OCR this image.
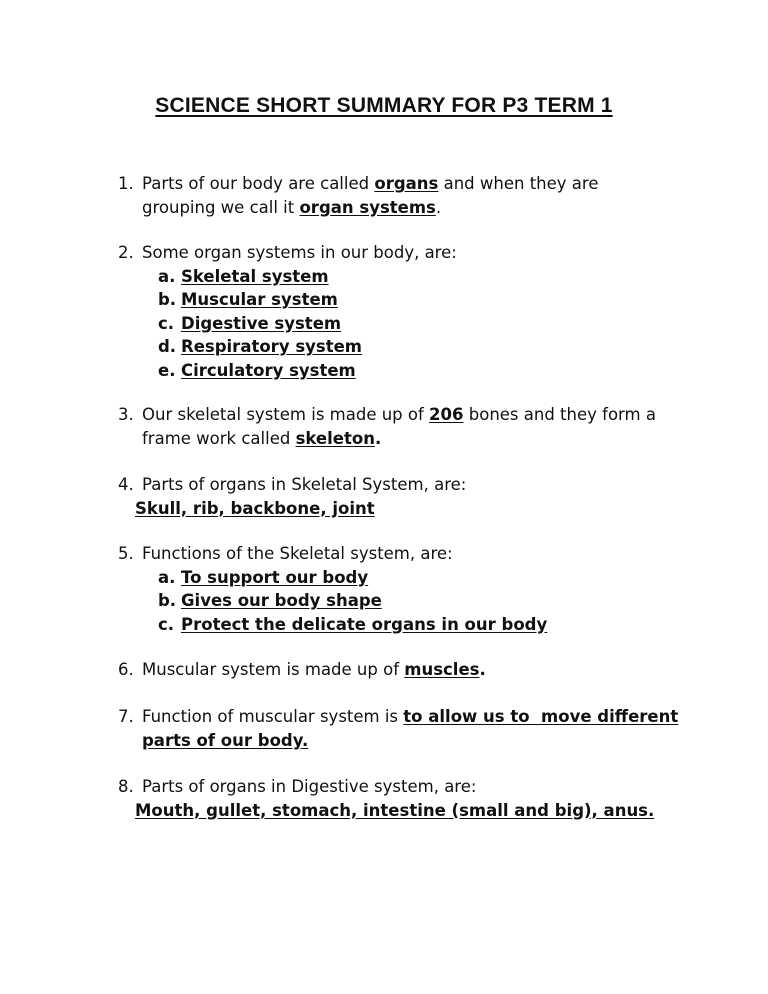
SCIENCE SHORT SUMMARY FOR P3 TERM 1
1. Parts of our body are called organs and when they are
grouping we call it organ systems.
2. Some organ systems in our body, are:
a. Skeletal system
b. Muscular system
c. Digestive system
d. Respiratory system
e. Circulatory system
3. Our skeletal system is made up of 206 bones and they form a
frame work called skeleton.
4. Parts of organs in Skeletal System, are:
Skull, rib, backbone, joint
5. Functions of the Skeletal system, are:
a. To support our body
b. Gives our body shape
c. Protect the delicate organs in our body
6. Muscular system is made up of muscles.
7. Function of muscular system is to allow us to  move different
parts of our body.
8. Parts of organs in Digestive system, are:
Mouth, gullet, stomach, intestine (small and big), anus.
